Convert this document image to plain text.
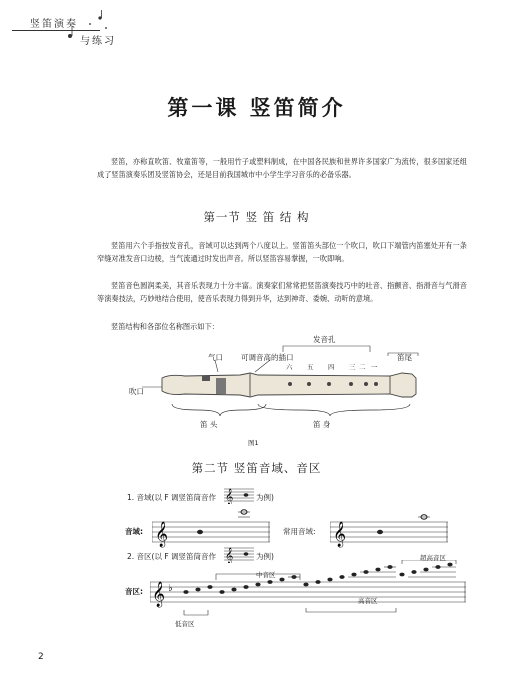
竖笛演奏
与练习
第一课 竖笛简介
竖笛，亦称直吹笛、牧童笛等，一般用竹子或塑料制成，在中国各民族和世界许多国家广为流传，很多国家还组成了竖笛演奏乐团及竖笛协会，还是目前我国城市中小学生学习音乐的必备乐器。
第一节 竖 笛 结 构
竖笛用六个手指按发音孔，音域可以达到两个八度以上。竖笛笛头部位一个吹口，吹口下端管内笛塞处开有一条窄缝对准发音口边棱，当气流通过时发出声音。所以竖笛容易掌握，一吹即响。
竖笛音色圆润柔美，其音乐表现力十分丰富。演奏家们常常把竖笛演奏技巧中的吐音、指颤音、指滑音与气滑音等演奏技法，巧妙地结合使用，使音乐表现力得到升华，达到神奇、委婉、动听的意境。
竖笛结构和各部位名称图示如下：
发音孔
气口 可调音高的插口	笛尾
六 五 四 三 二 一
吹口
笛 头	笛 身
图1
第二节 竖笛音域、音区
1. 音域(以 F 调竖笛筒音作 𝄞	为例)
音域: 𝄞	常用音域: 𝄞
2. 音区(以 F 调竖笛筒音作 𝄞	为例)	超高音区
中音区
音区:
高音区
低音区
𝄞 ♭
2
